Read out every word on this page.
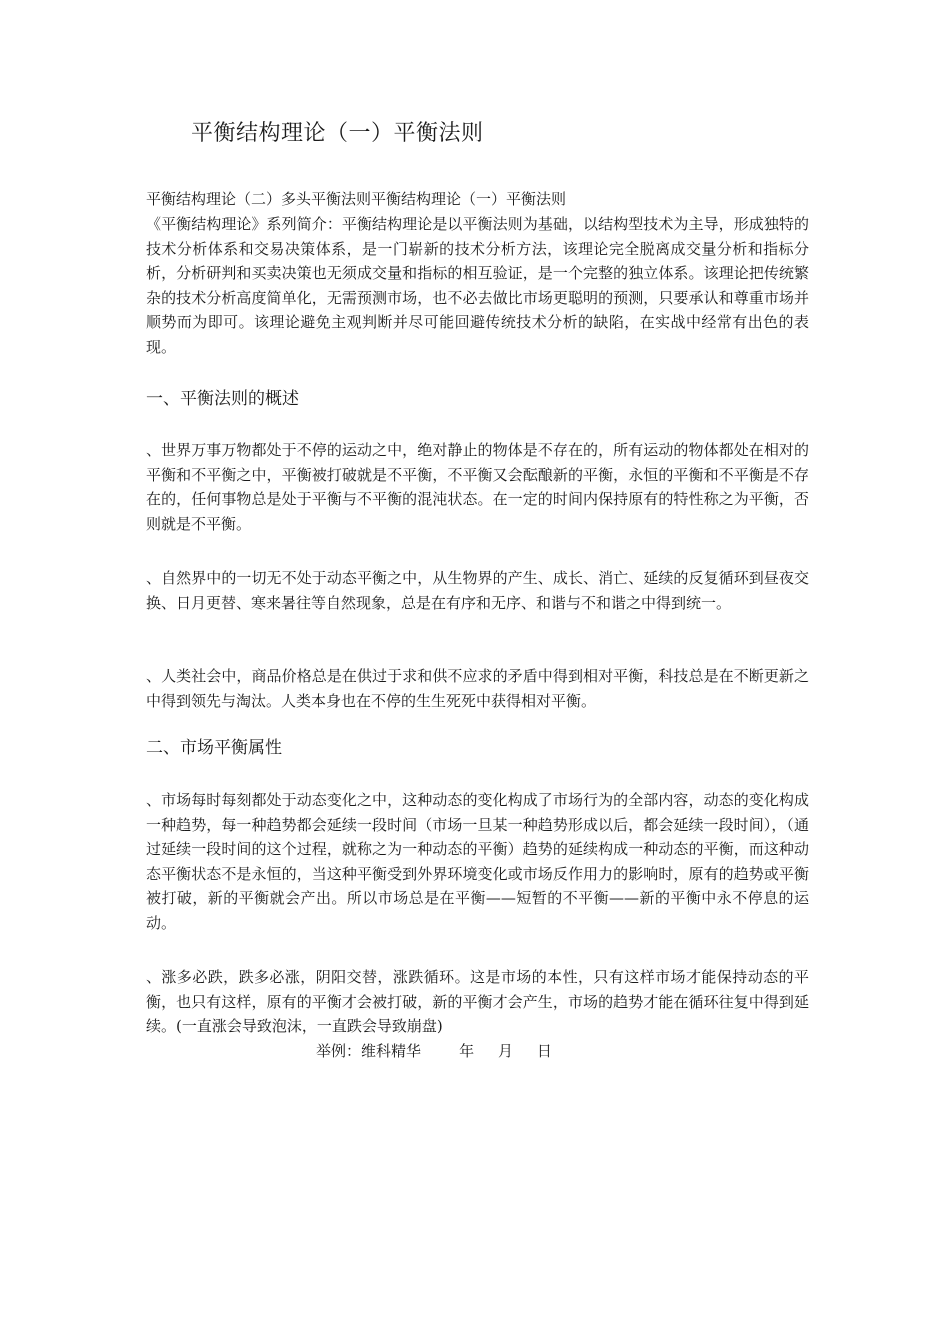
平衡结构理论（一）平衡法则
平衡结构理论（二）多头平衡法则平衡结构理论（一）平衡法则
《平衡结构理论》系列简介：平衡结构理论是以平衡法则为基础，以结构型技术为主导，形成独特的技术分析体系和交易决策体系，是一门崭新的技术分析方法，该理论完全脱离成交量分析和指标分析，分析研判和买卖决策也无须成交量和指标的相互验证，是一个完整的独立体系。该理论把传统繁杂的技术分析高度简单化，无需预测市场，也不必去做比市场更聪明的预测，只要承认和尊重市场并顺势而为即可。该理论避免主观判断并尽可能回避传统技术分析的缺陷，在实战中经常有出色的表现。
一、平衡法则的概述
、世界万事万物都处于不停的运动之中，绝对静止的物体是不存在的，所有运动的物体都处在相对的平衡和不平衡之中，平衡被打破就是不平衡，不平衡又会酝酿新的平衡，永恒的平衡和不平衡是不存在的，任何事物总是处于平衡与不平衡的混沌状态。在一定的时间内保持原有的特性称之为平衡，否则就是不平衡。
、自然界中的一切无不处于动态平衡之中，从生物界的产生、成长、消亡、延续的反复循环到昼夜交换、日月更替、寒来暑往等自然现象，总是在有序和无序、和谐与不和谐之中得到统一。
、人类社会中，商品价格总是在供过于求和供不应求的矛盾中得到相对平衡，科技总是在不断更新之中得到领先与淘汰。人类本身也在不停的生生死死中获得相对平衡。
二、市场平衡属性
、市场每时每刻都处于动态变化之中，这种动态的变化构成了市场行为的全部内容，动态的变化构成一种趋势，每一种趋势都会延续一段时间（市场一旦某一种趋势形成以后，都会延续一段时间），（通过延续一段时间的这个过程，就称之为一种动态的平衡）趋势的延续构成一种动态的平衡，而这种动态平衡状态不是永恒的，当这种平衡受到外界环境变化或市场反作用力的影响时，原有的趋势或平衡被打破，新的平衡就会产出。所以市场总是在平衡——短暂的不平衡——新的平衡中永不停息的运动。
、涨多必跌，跌多必涨，阴阳交替，涨跌循环。这是市场的本性，只有这样市场才能保持动态的平衡，也只有这样，原有的平衡才会被打破，新的平衡才会产生，市场的趋势才能在循环往复中得到延续。(一直涨会导致泡沫，一直跌会导致崩盘)
举例：维科精华        年     月     日
